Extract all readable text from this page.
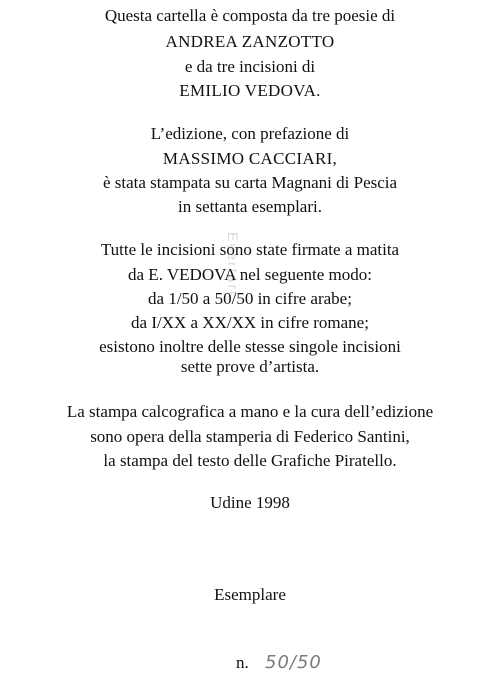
Questa cartella è composta da tre poesie di
ANDREA ZANZOTTO
e da tre incisioni di
EMILIO VEDOVA.
L’edizione, con prefazione di
MASSIMO CACCIARI,
è stata stampata su carta Magnani di Pescia
in settanta esemplari.
Tutte le incisioni sono state firmate a matita
da E. VEDOVA nel seguente modo:
da 1/50 a 50/50 in cifre arabe;
da I/XX a XX/XX in cifre romane;
esistono inoltre delle stesse singole incisioni
sette prove d’artista.
La stampa calcografica a mano e la cura dell’edizione
sono opera della stamperia di Federico Santini,
la stampa del testo delle Grafiche Piratello.
Udine 1998
Esemplare
n. 50/50
Evertart
